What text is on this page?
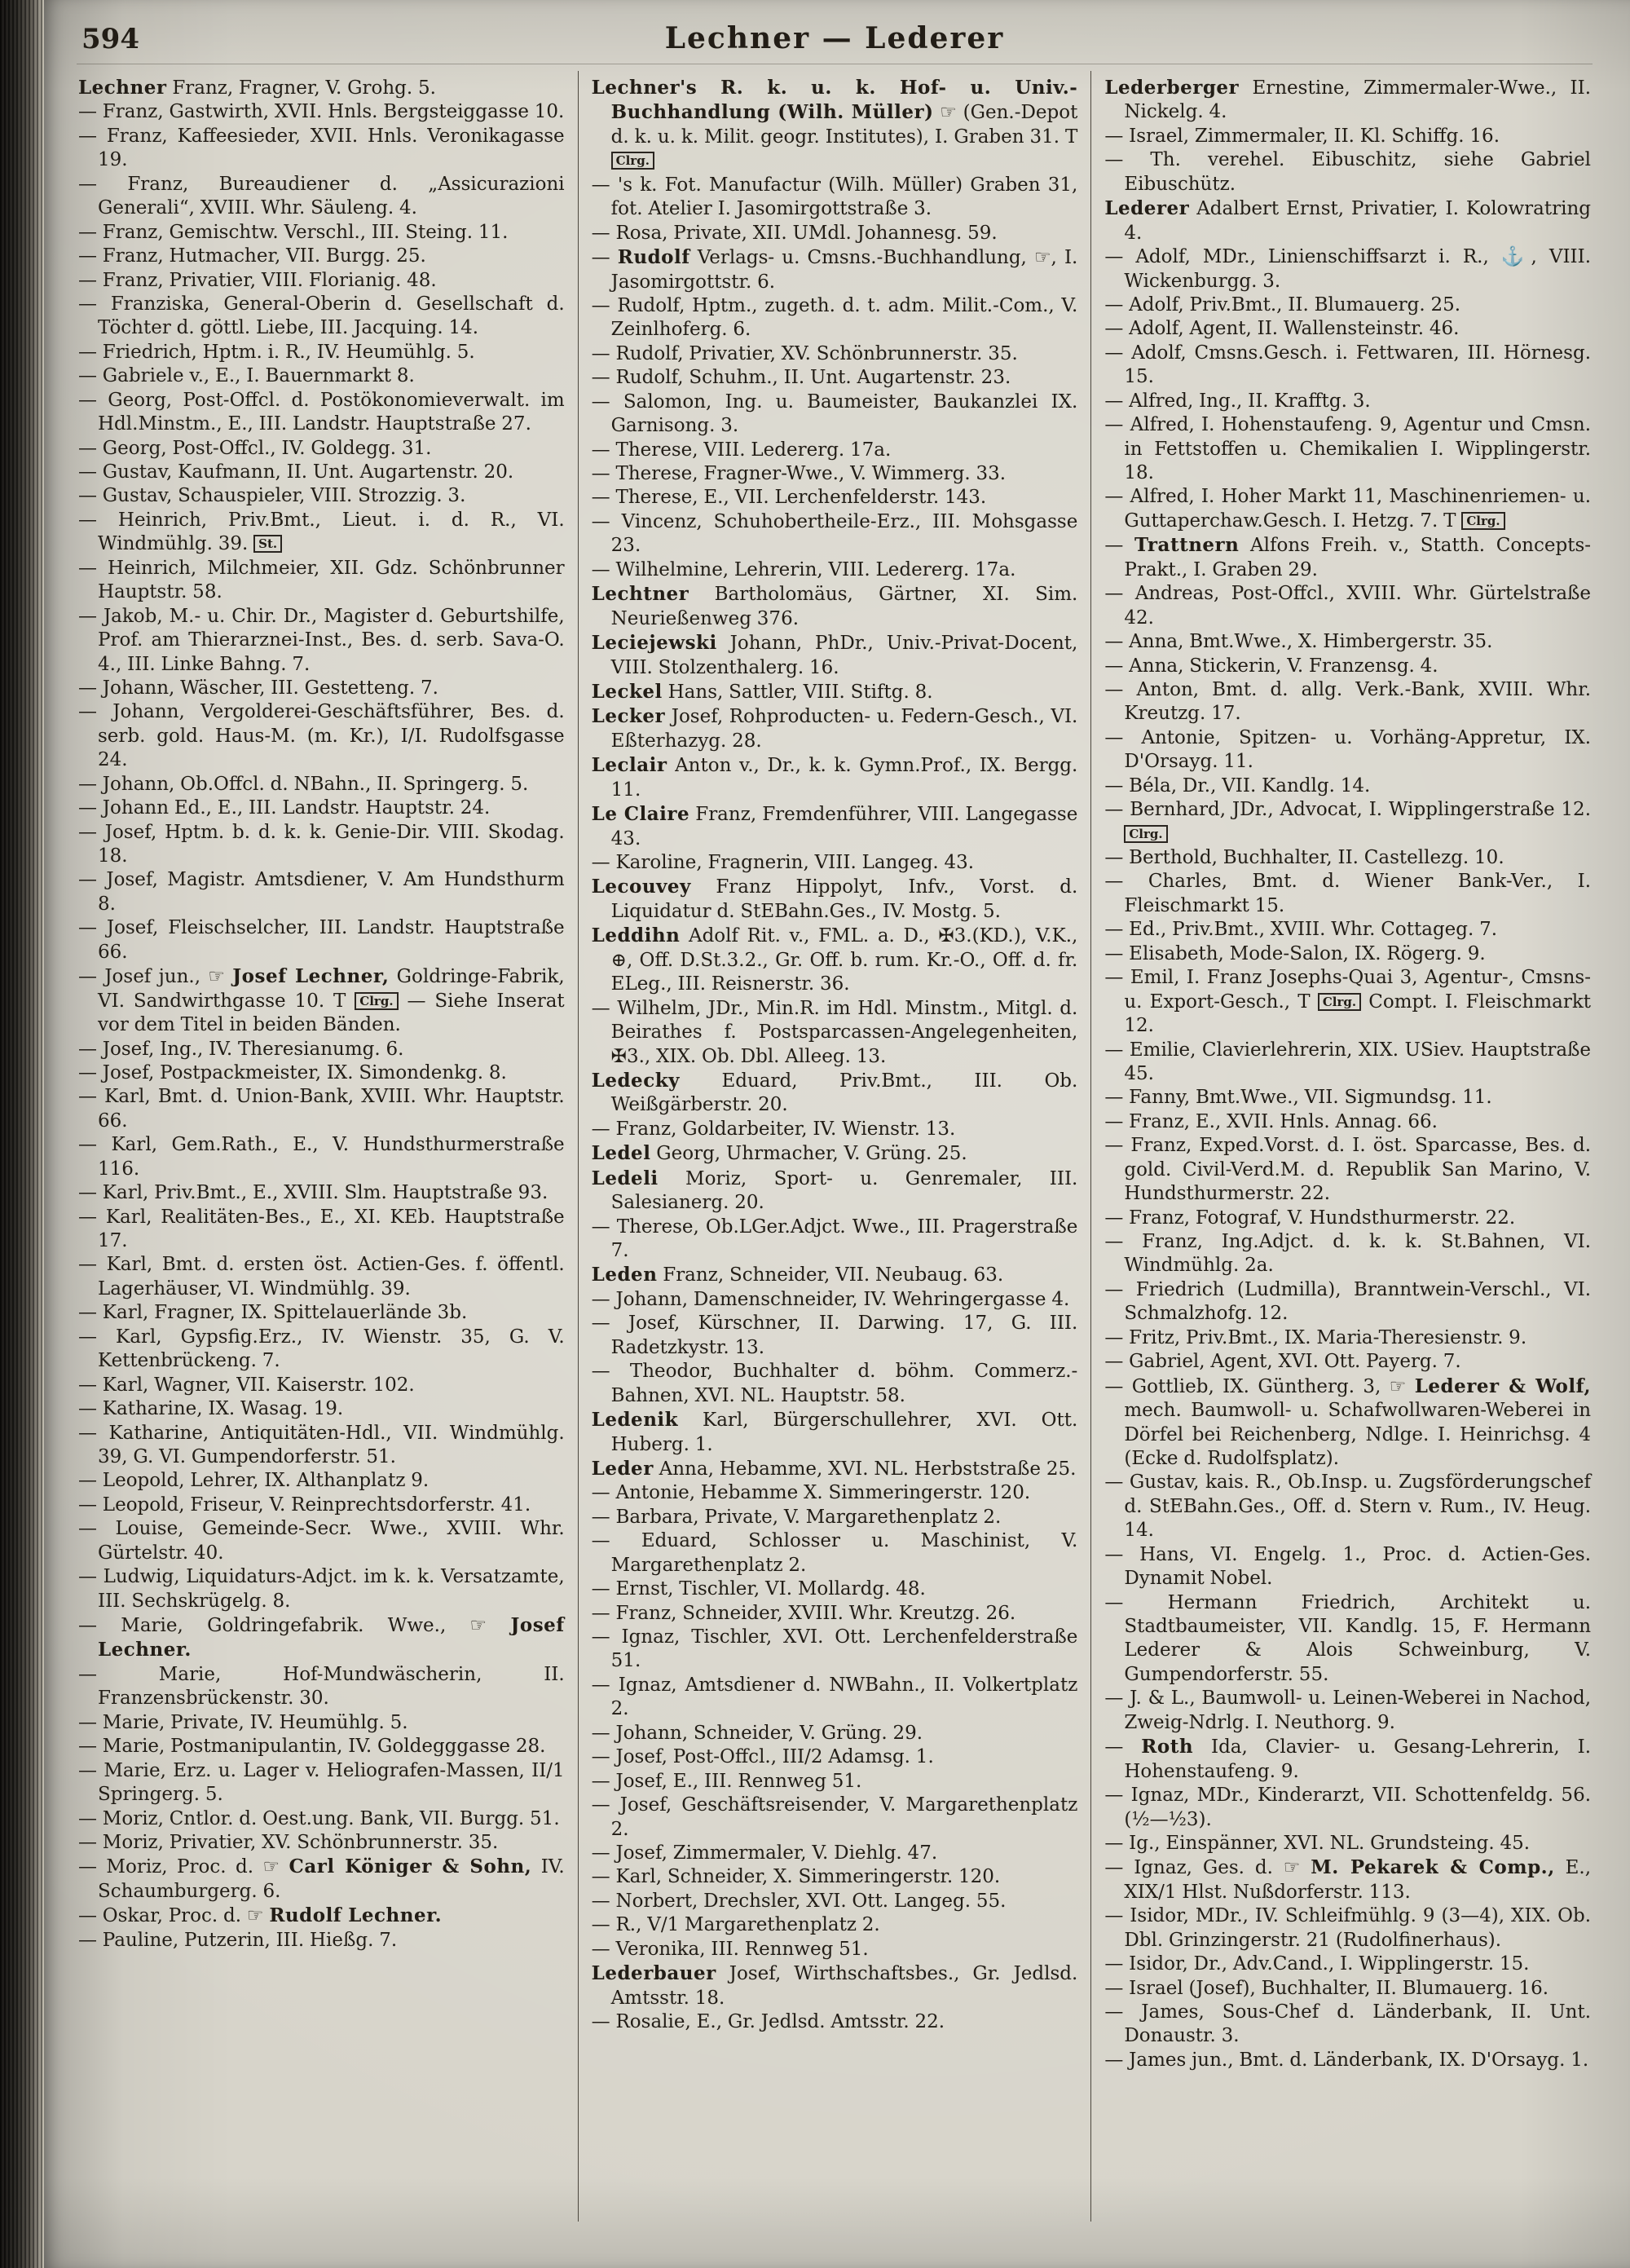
594	Lechner — Lederer

Lechner Franz, Fragner, V. Grohg. 5.

— Franz, Gastwirth, XVII. Hnls. Bergsteiggasse 10.

— Franz, Kaffeesieder, XVII. Hnls. Veronikagasse 19.

— Franz, Bureaudiener d. „Assicurazioni Generali“, XVIII. Whr. Säuleng. 4.

— Franz, Gemischtw. Verschl., III. Steing. 11.

— Franz, Hutmacher, VII. Burgg. 25.

— Franz, Privatier, VIII. Florianig. 48.

— Franziska, General-Oberin d. Gesellschaft d. Töchter d. göttl. Liebe, III. Jacquing. 14.

— Friedrich, Hptm. i. R., IV. Heumühlg. 5.

— Gabriele v., E., I. Bauernmarkt 8.

— Georg, Post-Offcl. d. Postökonomieverwalt. im Hdl.Minstm., E., III. Landstr. Hauptstraße 27.

— Georg, Post-Offcl., IV. Goldegg. 31.

— Gustav, Kaufmann, II. Unt. Augartenstr. 20.

— Gustav, Schauspieler, VIII. Strozzig. 3.

— Heinrich, Priv.Bmt., Lieut. i. d. R., VI. Windmühlg. 39. St.

— Heinrich, Milchmeier, XII. Gdz. Schönbrunner Hauptstr. 58.

— Jakob, M.- u. Chir. Dr., Magister d. Geburtshilfe, Prof. am Thierarznei-Inst., Bes. d. serb. Sava-O. 4., III. Linke Bahng. 7.

— Johann, Wäscher, III. Gestetteng. 7.

— Johann, Vergolderei-Geschäftsführer, Bes. d. serb. gold. Haus-M. (m. Kr.), I/I. Rudolfsgasse 24.

— Johann, Ob.Offcl. d. NBahn., II. Springerg. 5.

— Johann Ed., E., III. Landstr. Hauptstr. 24.

— Josef, Hptm. b. d. k. k. Genie-Dir. VIII. Skodag. 18.

— Josef, Magistr. Amtsdiener, V. Am Hundsthurm 8.

— Josef, Fleischselcher, III. Landstr. Hauptstraße 66.

— Josef jun., ☞ Josef Lechner, Goldringe-Fabrik, VI. Sandwirthgasse 10. T Clrg. — Siehe Inserat vor dem Titel in beiden Bänden.

— Josef, Ing., IV. Theresianumg. 6.

— Josef, Postpackmeister, IX. Simondenkg. 8.

— Karl, Bmt. d. Union-Bank, XVIII. Whr. Hauptstr. 66.

— Karl, Gem.Rath., E., V. Hundsthurmerstraße 116.

— Karl, Priv.Bmt., E., XVIII. Slm. Hauptstraße 93.

— Karl, Realitäten-Bes., E., XI. KEb. Hauptstraße 17.

— Karl, Bmt. d. ersten öst. Actien-Ges. f. öffentl. Lagerhäuser, VI. Windmühlg. 39.

— Karl, Fragner, IX. Spittelauerlände 3b.

— Karl, Gypsfig.Erz., IV. Wienstr. 35, G. V. Kettenbrückeng. 7.

— Karl, Wagner, VII. Kaiserstr. 102.

— Katharine, IX. Wasag. 19.

— Katharine, Antiquitäten-Hdl., VII. Windmühlg. 39, G. VI. Gumpendorferstr. 51.

— Leopold, Lehrer, IX. Althanplatz 9.

— Leopold, Friseur, V. Reinprechtsdorferstr. 41.

— Louise, Gemeinde-Secr. Wwe., XVIII. Whr. Gürtelstr. 40.

— Ludwig, Liquidaturs-Adjct. im k. k. Versatzamte, III. Sechskrügelg. 8.

— Marie, Goldringefabrik. Wwe., ☞ Josef Lechner.

— Marie, Hof-Mundwäscherin, II. Franzensbrückenstr. 30.

— Marie, Private, IV. Heumühlg. 5.

— Marie, Postmanipulantin, IV. Goldegggasse 28.

— Marie, Erz. u. Lager v. Heliografen-Massen, II/1 Springerg. 5.

— Moriz, Cntlor. d. Oest.ung. Bank, VII. Burgg. 51.

— Moriz, Privatier, XV. Schönbrunnerstr. 35.

— Moriz, Proc. d. ☞ Carl Königer & Sohn, IV. Schaumburgerg. 6.

— Oskar, Proc. d. ☞ Rudolf Lechner.

— Pauline, Putzerin, III. Hießg. 7.

Lechner's R. k. u. k. Hof- u. Univ.-Buchhandlung (Wilh. Müller) ☞ (Gen.-Depot d. k. u. k. Milit. geogr. Institutes), I. Graben 31. T Clrg.

— 's k. Fot. Manufactur (Wilh. Müller) Graben 31, fot. Atelier I. Jasomirgottstraße 3.

— Rosa, Private, XII. UMdl. Johannesg. 59.

— Rudolf Verlags- u. Cmsns.-Buchhandlung, ☞, I. Jasomirgottstr. 6.

— Rudolf, Hptm., zugeth. d. t. adm. Milit.-Com., V. Zeinlhoferg. 6.

— Rudolf, Privatier, XV. Schönbrunnerstr. 35.

— Rudolf, Schuhm., II. Unt. Augartenstr. 23.

— Salomon, Ing. u. Baumeister, Baukanzlei IX. Garnisong. 3.

— Therese, VIII. Ledererg. 17a.

— Therese, Fragner-Wwe., V. Wimmerg. 33.

— Therese, E., VII. Lerchenfelderstr. 143.

— Vincenz, Schuhobertheile-Erz., III. Mohsgasse 23.

— Wilhelmine, Lehrerin, VIII. Ledererg. 17a.

Lechtner Bartholomäus, Gärtner, XI. Sim. Neurießenweg 376.

Leciejewski Johann, PhDr., Univ.-Privat-Docent, VIII. Stolzenthalerg. 16.

Leckel Hans, Sattler, VIII. Stiftg. 8.

Lecker Josef, Rohproducten- u. Federn-Gesch., VI. Eßterhazyg. 28.

Leclair Anton v., Dr., k. k. Gymn.Prof., IX. Bergg. 11.

Le Claire Franz, Fremdenführer, VIII. Langegasse 43.

— Karoline, Fragnerin, VIII. Langeg. 43.

Lecouvey Franz Hippolyt, Infv., Vorst. d. Liquidatur d. StEBahn.Ges., IV. Mostg. 5.

Leddihn Adolf Rit. v., FML. a. D., ✠3.(KD.), V.K., ⊕, Off. D.St.3.2., Gr. Off. b. rum. Kr.-O., Off. d. fr. ELeg., III. Reisnerstr. 36.

— Wilhelm, JDr., Min.R. im Hdl. Minstm., Mitgl. d. Beirathes f. Postsparcassen-Angelegenheiten, ✠3., XIX. Ob. Dbl. Alleeg. 13.

Ledecky Eduard, Priv.Bmt., III. Ob. Weißgärberstr. 20.

— Franz, Goldarbeiter, IV. Wienstr. 13.

Ledel Georg, Uhrmacher, V. Grüng. 25.

Ledeli Moriz, Sport- u. Genremaler, III. Salesianerg. 20.

— Therese, Ob.LGer.Adjct. Wwe., III. Pragerstraße 7.

Leden Franz, Schneider, VII. Neubaug. 63.

— Johann, Damenschneider, IV. Wehringergasse 4.

— Josef, Kürschner, II. Darwing. 17, G. III. Radetzkystr. 13.

— Theodor, Buchhalter d. böhm. Commerz.-Bahnen, XVI. NL. Hauptstr. 58.

Ledenik Karl, Bürgerschullehrer, XVI. Ott. Huberg. 1.

Leder Anna, Hebamme, XVI. NL. Herbststraße 25.

— Antonie, Hebamme X. Simmeringerstr. 120.

— Barbara, Private, V. Margarethenplatz 2.

— Eduard, Schlosser u. Maschinist, V. Margarethenplatz 2.

— Ernst, Tischler, VI. Mollardg. 48.

— Franz, Schneider, XVIII. Whr. Kreutzg. 26.

— Ignaz, Tischler, XVI. Ott. Lerchenfelderstraße 51.

— Ignaz, Amtsdiener d. NWBahn., II. Volkertplatz 2.

— Johann, Schneider, V. Grüng. 29.

— Josef, Post-Offcl., III/2 Adamsg. 1.

— Josef, E., III. Rennweg 51.

— Josef, Geschäftsreisender, V. Margarethenplatz 2.

— Josef, Zimmermaler, V. Diehlg. 47.

— Karl, Schneider, X. Simmeringerstr. 120.

— Norbert, Drechsler, XVI. Ott. Langeg. 55.

— R., V/1 Margarethenplatz 2.

— Veronika, III. Rennweg 51.

Lederbauer Josef, Wirthschaftsbes., Gr. Jedlsd. Amtsstr. 18.

— Rosalie, E., Gr. Jedlsd. Amtsstr. 22.

Lederberger Ernestine, Zimmermaler-Wwe., II. Nickelg. 4.

— Israel, Zimmermaler, II. Kl. Schiffg. 16.

— Th. verehel. Eibuschitz, siehe Gabriel Eibuschütz.

Lederer Adalbert Ernst, Privatier, I. Kolowratring 4.

— Adolf, MDr., Linienschiffsarzt i. R., ⚓, VIII. Wickenburgg. 3.

— Adolf, Priv.Bmt., II. Blumauerg. 25.

— Adolf, Agent, II. Wallensteinstr. 46.

— Adolf, Cmsns.Gesch. i. Fettwaren, III. Hörnesg. 15.

— Alfred, Ing., II. Krafftg. 3.

— Alfred, I. Hohenstaufeng. 9, Agentur und Cmsn. in Fettstoffen u. Chemikalien I. Wipplingerstr. 18.

— Alfred, I. Hoher Markt 11, Maschinenriemen- u. Guttaperchaw.Gesch. I. Hetzg. 7. T Clrg.

— Trattnern Alfons Freih. v., Statth. Concepts-Prakt., I. Graben 29.

— Andreas, Post-Offcl., XVIII. Whr. Gürtelstraße 42.

— Anna, Bmt.Wwe., X. Himbergerstr. 35.

— Anna, Stickerin, V. Franzensg. 4.

— Anton, Bmt. d. allg. Verk.-Bank, XVIII. Whr. Kreutzg. 17.

— Antonie, Spitzen- u. Vorhäng-Appretur, IX. D'Orsayg. 11.

— Béla, Dr., VII. Kandlg. 14.

— Bernhard, JDr., Advocat, I. Wipplingerstraße 12. Clrg.

— Berthold, Buchhalter, II. Castellezg. 10.

— Charles, Bmt. d. Wiener Bank-Ver., I. Fleischmarkt 15.

— Ed., Priv.Bmt., XVIII. Whr. Cottageg. 7.

— Elisabeth, Mode-Salon, IX. Rögerg. 9.

— Emil, I. Franz Josephs-Quai 3, Agentur-, Cmsns- u. Export-Gesch., T Clrg. Compt. I. Fleischmarkt 12.

— Emilie, Clavierlehrerin, XIX. USiev. Hauptstraße 45.

— Fanny, Bmt.Wwe., VII. Sigmundsg. 11.

— Franz, E., XVII. Hnls. Annag. 66.

— Franz, Exped.Vorst. d. I. öst. Sparcasse, Bes. d. gold. Civil-Verd.M. d. Republik San Marino, V. Hundsthurmerstr. 22.

— Franz, Fotograf, V. Hundsthurmerstr. 22.

— Franz, Ing.Adjct. d. k. k. St.Bahnen, VI. Windmühlg. 2a.

— Friedrich (Ludmilla), Branntwein-Verschl., VI. Schmalzhofg. 12.

— Fritz, Priv.Bmt., IX. Maria-Theresienstr. 9.

— Gabriel, Agent, XVI. Ott. Payerg. 7.

— Gottlieb, IX. Güntherg. 3, ☞ Lederer & Wolf, mech. Baumwoll- u. Schafwollwaren-Weberei in Dörfel bei Reichenberg, Ndlge. I. Heinrichsg. 4 (Ecke d. Rudolfsplatz).

— Gustav, kais. R., Ob.Insp. u. Zugsförderungschef d. StEBahn.Ges., Off. d. Stern v. Rum., IV. Heug. 14.

— Hans, VI. Engelg. 1., Proc. d. Actien-Ges. Dynamit Nobel.

— Hermann Friedrich, Architekt u. Stadtbaumeister, VII. Kandlg. 15, F. Hermann Lederer & Alois Schweinburg, V. Gumpendorferstr. 55.

— J. & L., Baumwoll- u. Leinen-Weberei in Nachod, Zweig-Ndrlg. I. Neuthorg. 9.

— Roth Ida, Clavier- u. Gesang-Lehrerin, I. Hohenstaufeng. 9.

— Ignaz, MDr., Kinderarzt, VII. Schottenfeldg. 56. (½—½3).

— Ig., Einspänner, XVI. NL. Grundsteing. 45.

— Ignaz, Ges. d. ☞ M. Pekarek & Comp., E., XIX/1 Hlst. Nußdorferstr. 113.

— Isidor, MDr., IV. Schleifmühlg. 9 (3—4), XIX. Ob. Dbl. Grinzingerstr. 21 (Rudolfinerhaus).

— Isidor, Dr., Adv.Cand., I. Wipplingerstr. 15.

— Israel (Josef), Buchhalter, II. Blumauerg. 16.

— James, Sous-Chef d. Länderbank, II. Unt. Donaustr. 3.

— James jun., Bmt. d. Länderbank, IX. D'Orsayg. 1.
